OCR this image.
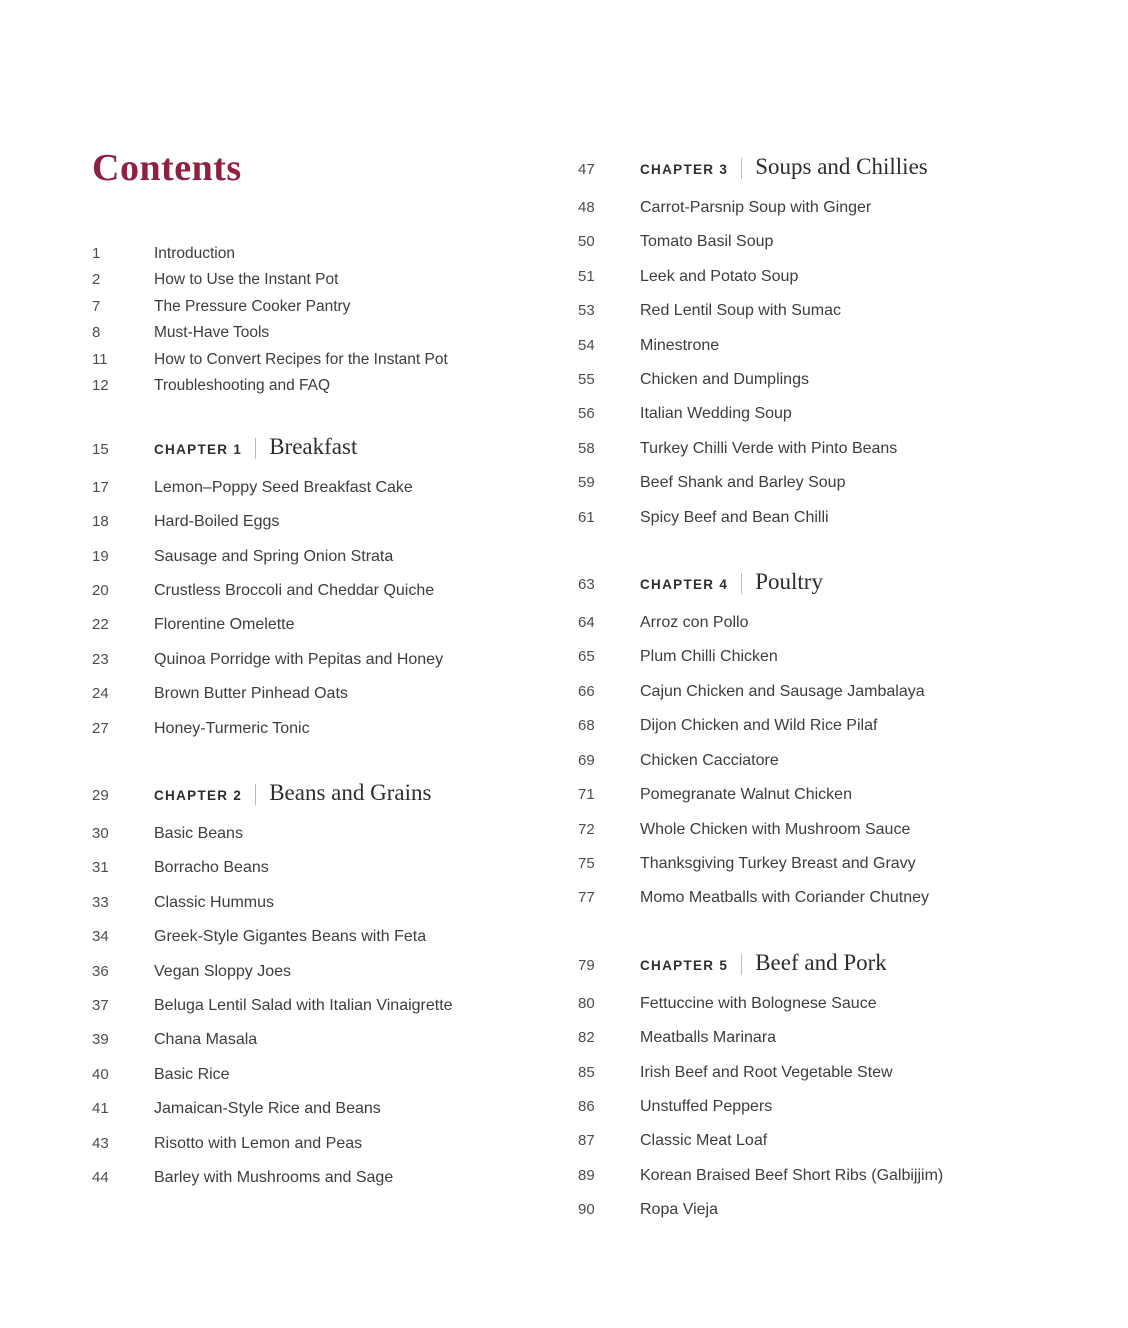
Contents
1	Introduction
2	How to Use the Instant Pot
7	The Pressure Cooker Pantry
8	Must-Have Tools
11	How to Convert Recipes for the Instant Pot
12	Troubleshooting and FAQ
15	CHAPTER 1 Breakfast
17	Lemon–Poppy Seed Breakfast Cake
18	Hard-Boiled Eggs
19	Sausage and Spring Onion Strata
20	Crustless Broccoli and Cheddar Quiche
22	Florentine Omelette
23	Quinoa Porridge with Pepitas and Honey
24	Brown Butter Pinhead Oats
27	Honey-Turmeric Tonic
29	CHAPTER 2 Beans and Grains
30	Basic Beans
31	Borracho Beans
33	Classic Hummus
34	Greek-Style Gigantes Beans with Feta
36	Vegan Sloppy Joes
37	Beluga Lentil Salad with Italian Vinaigrette
39	Chana Masala
40	Basic Rice
41	Jamaican-Style Rice and Beans
43	Risotto with Lemon and Peas
44	Barley with Mushrooms and Sage
47	CHAPTER 3 Soups and Chillies
48	Carrot-Parsnip Soup with Ginger
50	Tomato Basil Soup
51	Leek and Potato Soup
53	Red Lentil Soup with Sumac
54	Minestrone
55	Chicken and Dumplings
56	Italian Wedding Soup
58	Turkey Chilli Verde with Pinto Beans
59	Beef Shank and Barley Soup
61	Spicy Beef and Bean Chilli
63	CHAPTER 4 Poultry
64	Arroz con Pollo
65	Plum Chilli Chicken
66	Cajun Chicken and Sausage Jambalaya
68	Dijon Chicken and Wild Rice Pilaf
69	Chicken Cacciatore
71	Pomegranate Walnut Chicken
72	Whole Chicken with Mushroom Sauce
75	Thanksgiving Turkey Breast and Gravy
77	Momo Meatballs with Coriander Chutney
79	CHAPTER 5 Beef and Pork
80	Fettuccine with Bolognese Sauce
82	Meatballs Marinara
85	Irish Beef and Root Vegetable Stew
86	Unstuffed Peppers
87	Classic Meat Loaf
89	Korean Braised Beef Short Ribs (Galbijjim)
90	Ropa Vieja
